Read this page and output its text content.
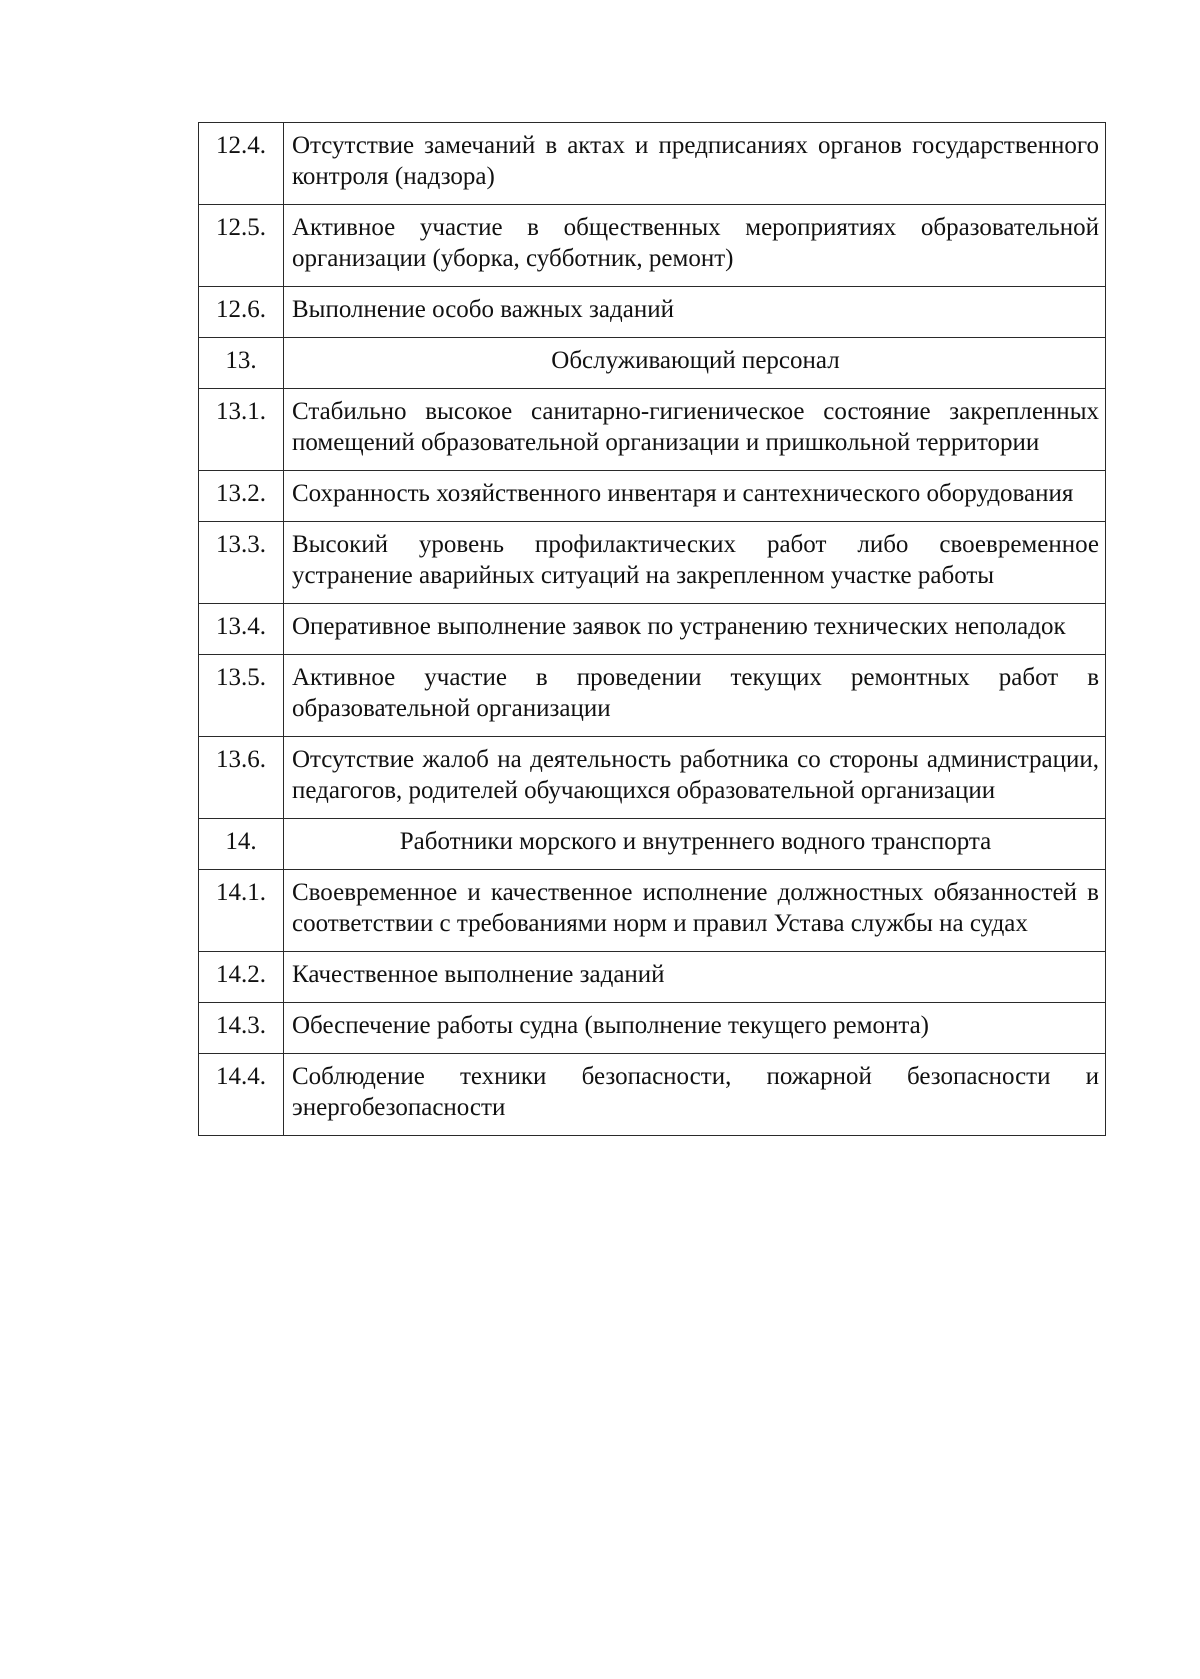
12.4.	Отсутствие замечаний в актах и предписаниях органов государственного контроля (надзора)
12.5.	Активное участие в общественных мероприятиях образовательной организации (уборка, субботник, ремонт)
12.6.	Выполнение особо важных заданий
13.	Обслуживающий персонал
13.1.	Стабильно высокое санитарно-гигиеническое состояние закрепленных помещений образовательной организации и пришкольной территории
13.2.	Сохранность хозяйственного инвентаря и сантехнического оборудования
13.3.	Высокий уровень профилактических работ либо своевременное устранение аварийных ситуаций на закрепленном участке работы
13.4.	Оперативное выполнение заявок по устранению технических неполадок
13.5.	Активное участие в проведении текущих ремонтных работ в образовательной организации
13.6.	Отсутствие жалоб на деятельность работника со стороны администрации, педагогов, родителей обучающихся образовательной организации
14.	Работники морского и внутреннего водного транспорта
14.1.	Своевременное и качественное исполнение должностных обязанностей в соответствии с требованиями норм и правил Устава службы на судах
14.2.	Качественное выполнение заданий
14.3.	Обеспечение работы судна (выполнение текущего ремонта)
14.4.	Соблюдение техники безопасности, пожарной безопасности и энергобезопасности
